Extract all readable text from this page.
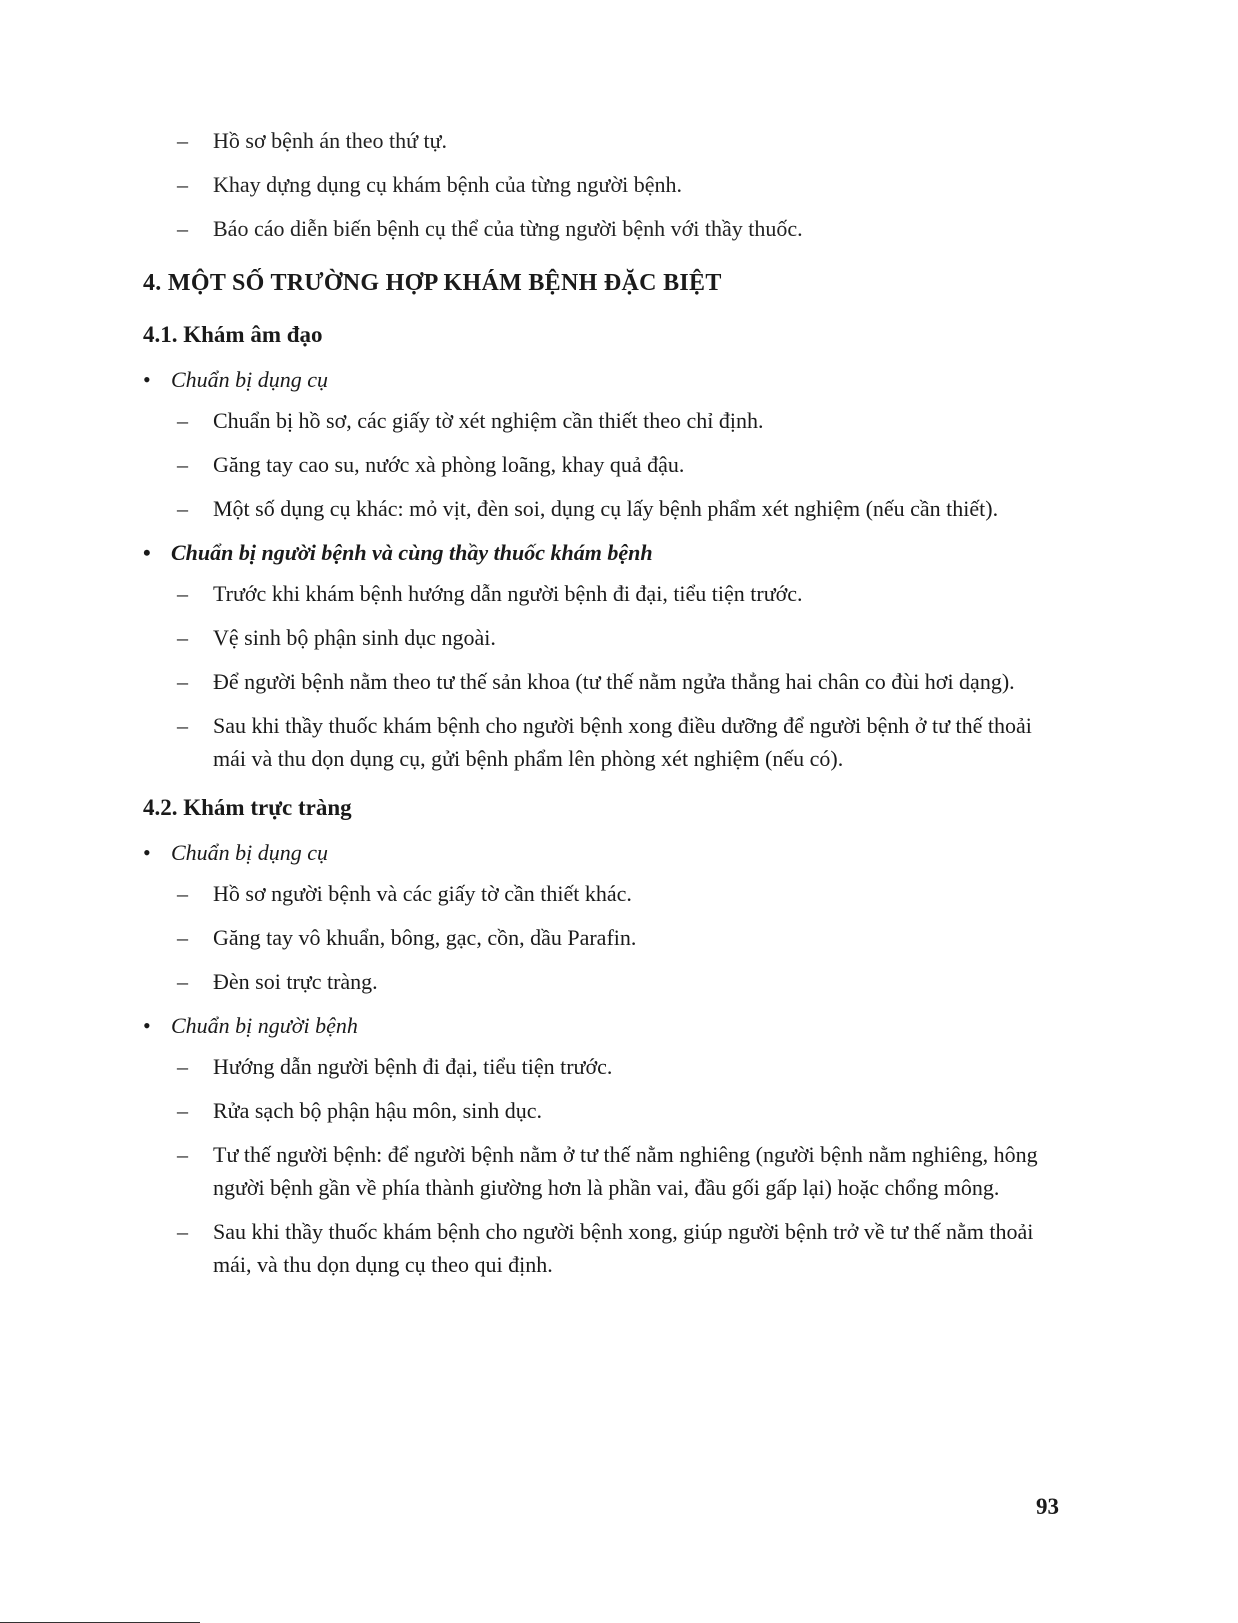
–	Hồ sơ bệnh án theo thứ tự.
–	Khay dựng dụng cụ khám bệnh của từng người bệnh.
–	Báo cáo diễn biến bệnh cụ thể của từng người bệnh với thầy thuốc.
4. MỘT SỐ TRƯỜNG HỢP KHÁM BỆNH ĐẶC BIỆT
4.1. Khám âm đạo
• Chuẩn bị dụng cụ
–	Chuẩn bị hồ sơ, các giấy tờ xét nghiệm cần thiết theo chỉ định.
–	Găng tay cao su, nước xà phòng loãng, khay quả đậu.
–	Một số dụng cụ khác: mỏ vịt, đèn soi, dụng cụ lấy bệnh phẩm xét nghiệm (nếu cần thiết).
• Chuẩn bị người bệnh và cùng thầy thuốc khám bệnh
–	Trước khi khám bệnh hướng dẫn người bệnh đi đại, tiểu tiện trước.
–	Vệ sinh bộ phận sinh dục ngoài.
–	Để người bệnh nằm theo tư thế sản khoa (tư thế nằm ngửa thẳng hai chân co đùi hơi dạng).
–	Sau khi thầy thuốc khám bệnh cho người bệnh xong điều dưỡng để người bệnh ở tư thế thoải mái và thu dọn dụng cụ, gửi bệnh phẩm lên phòng xét nghiệm (nếu có).
4.2. Khám trực tràng
• Chuẩn bị dụng cụ
–	Hồ sơ người bệnh và các giấy tờ cần thiết khác.
–	Găng tay vô khuẩn, bông, gạc, cồn, dầu Parafin.
–	Đèn soi trực tràng.
• Chuẩn bị người bệnh
–	Hướng dẫn người bệnh đi đại, tiểu tiện trước.
–	Rửa sạch bộ phận hậu môn, sinh dục.
–	Tư thế người bệnh: để người bệnh nằm ở tư thế nằm nghiêng (người bệnh nằm nghiêng, hông người bệnh gần về phía thành giường hơn là phần vai, đầu gối gấp lại) hoặc chổng mông.
–	Sau khi thầy thuốc khám bệnh cho người bệnh xong, giúp người bệnh trở về tư thế nằm thoải mái, và thu dọn dụng cụ theo qui định.
93
